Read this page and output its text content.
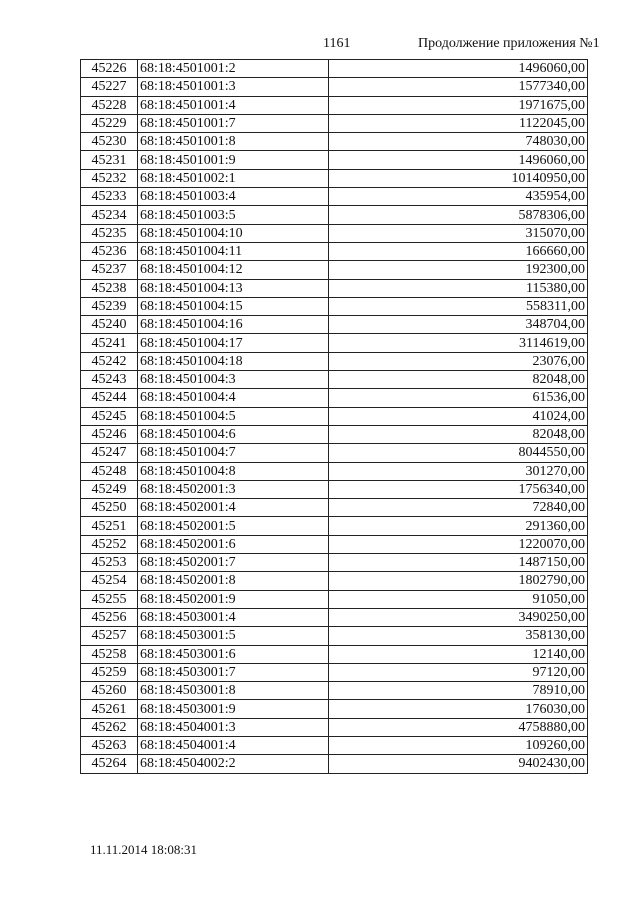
1161	Продолжение приложения №1
45226	68:18:4501001:2	1496060,00
45227	68:18:4501001:3	1577340,00
45228	68:18:4501001:4	1971675,00
45229	68:18:4501001:7	1122045,00
45230	68:18:4501001:8	748030,00
45231	68:18:4501001:9	1496060,00
45232	68:18:4501002:1	10140950,00
45233	68:18:4501003:4	435954,00
45234	68:18:4501003:5	5878306,00
45235	68:18:4501004:10	315070,00
45236	68:18:4501004:11	166660,00
45237	68:18:4501004:12	192300,00
45238	68:18:4501004:13	115380,00
45239	68:18:4501004:15	558311,00
45240	68:18:4501004:16	348704,00
45241	68:18:4501004:17	3114619,00
45242	68:18:4501004:18	23076,00
45243	68:18:4501004:3	82048,00
45244	68:18:4501004:4	61536,00
45245	68:18:4501004:5	41024,00
45246	68:18:4501004:6	82048,00
45247	68:18:4501004:7	8044550,00
45248	68:18:4501004:8	301270,00
45249	68:18:4502001:3	1756340,00
45250	68:18:4502001:4	72840,00
45251	68:18:4502001:5	291360,00
45252	68:18:4502001:6	1220070,00
45253	68:18:4502001:7	1487150,00
45254	68:18:4502001:8	1802790,00
45255	68:18:4502001:9	91050,00
45256	68:18:4503001:4	3490250,00
45257	68:18:4503001:5	358130,00
45258	68:18:4503001:6	12140,00
45259	68:18:4503001:7	97120,00
45260	68:18:4503001:8	78910,00
45261	68:18:4503001:9	176030,00
45262	68:18:4504001:3	4758880,00
45263	68:18:4504001:4	109260,00
45264	68:18:4504002:2	9402430,00
11.11.2014 18:08:31
